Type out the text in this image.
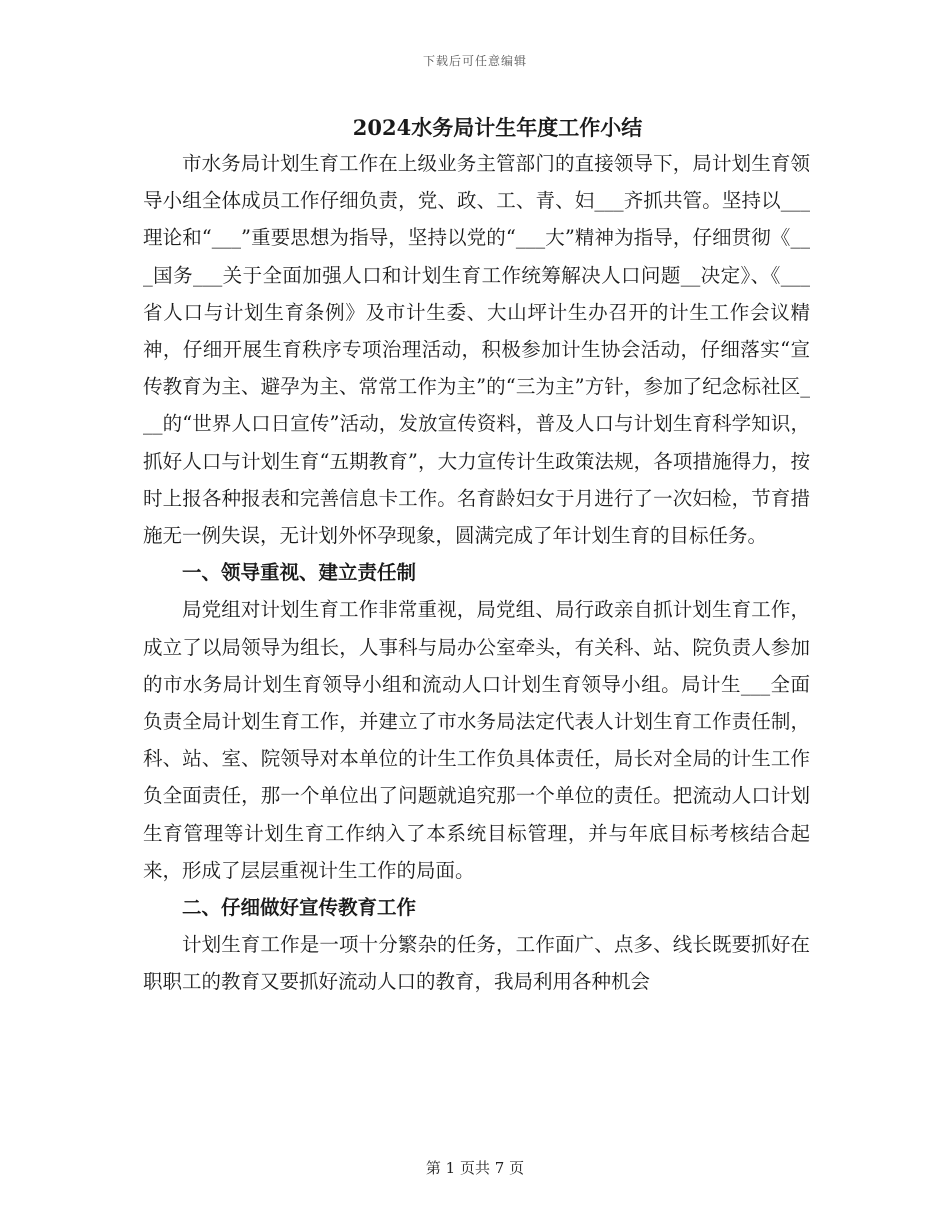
下载后可任意编辑
2024水务局计生年度工作小结

市水务局计划生育工作在上级业务主管部门的直接领导下，局计划生育领导小组全体成员工作仔细负责，党、政、工、青、妇___齐抓共管。坚持以___理论和“___”重要思想为指导，坚持以党的“___大”精神为指导，仔细贯彻《___国务___关于全面加强人口和计划生育工作统筹解决人口问题__决定》、《___省人口与计划生育条例》及市计生委、大山坪计生办召开的计生工作会议精神，仔细开展生育秩序专项治理活动，积极参加计生协会活动，仔细落实“宣传教育为主、避孕为主、常常工作为主”的“三为主”方针，参加了纪念标社区___的“世界人口日宣传”活动，发放宣传资料，普及人口与计划生育科学知识，抓好人口与计划生育“五期教育”，大力宣传计生政策法规，各项措施得力，按时上报各种报表和完善信息卡工作。名育龄妇女于月进行了一次妇检，节育措施无一例失误，无计划外怀孕现象，圆满完成了年计划生育的目标任务。

一、领导重视、建立责任制

局党组对计划生育工作非常重视，局党组、局行政亲自抓计划生育工作，成立了以局领导为组长，人事科与局办公室牵头，有关科、站、院负责人参加的市水务局计划生育领导小组和流动人口计划生育领导小组。局计生___全面负责全局计划生育工作，并建立了市水务局法定代表人计划生育工作责任制，科、站、室、院领导对本单位的计生工作负具体责任，局长对全局的计生工作负全面责任，那一个单位出了问题就追究那一个单位的责任。把流动人口计划生育管理等计划生育工作纳入了本系统目标管理，并与年底目标考核结合起来，形成了层层重视计生工作的局面。

二、仔细做好宣传教育工作

计划生育工作是一项十分繁杂的任务，工作面广、点多、线长既要抓好在职职工的教育又要抓好流动人口的教育，我局利用各种机会

第 1 页共 7 页
